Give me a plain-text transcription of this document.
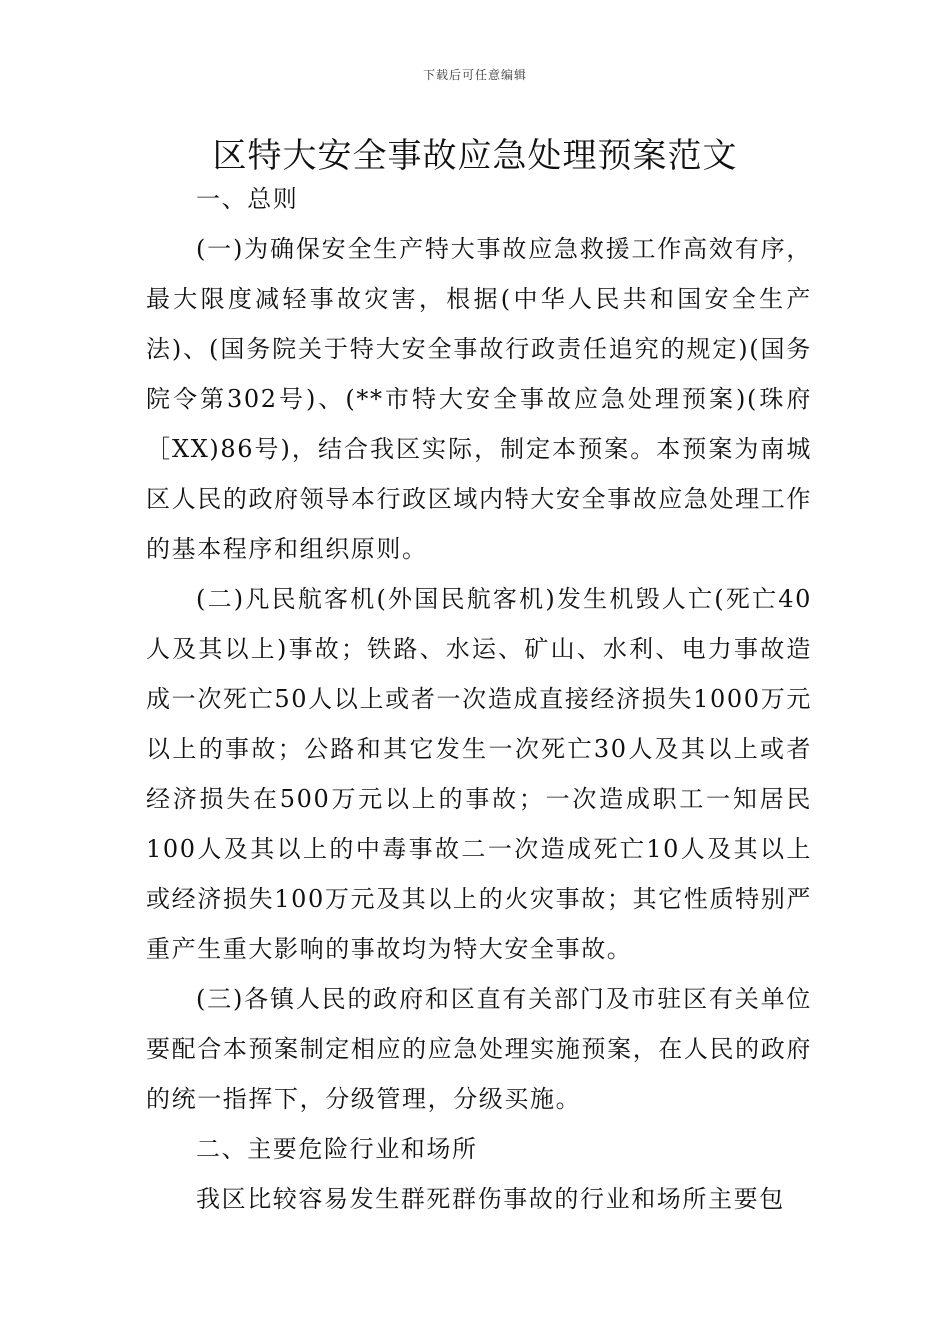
下载后可任意编辑
区特大安全事故应急处理预案范文

一、总则

(一)为确保安全生产特大事故应急救援工作高效有序，最大限度减轻事故灾害，根据(中华人民共和国安全生产法)、(国务院关于特大安全事故行政责任追究的规定)(国务院令第302号)、(**市特大安全事故应急处理预案)(珠府［XX)86号)，结合我区实际，制定本预案。本预案为南城区人民的政府领导本行政区域内特大安全事故应急处理工作的基本程序和组织原则。

(二)凡民航客机(外国民航客机)发生机毁人亡(死亡40人及其以上)事故；铁路、水运、矿山、水利、电力事故造成一次死亡50人以上或者一次造成直接经济损失1000万元以上的事故；公路和其它发生一次死亡30人及其以上或者经济损失在500万元以上的事故；一次造成职工一知居民100人及其以上的中毒事故二一次造成死亡10人及其以上或经济损失100万元及其以上的火灾事故；其它性质特别严重产生重大影响的事故均为特大安全事故。

(三)各镇人民的政府和区直有关部门及市驻区有关单位要配合本预案制定相应的应急处理实施预案，在人民的政府的统一指挥下，分级管理，分级买施。

二、主要危险行业和场所

我区比较容易发生群死群伤事故的行业和场所主要包
